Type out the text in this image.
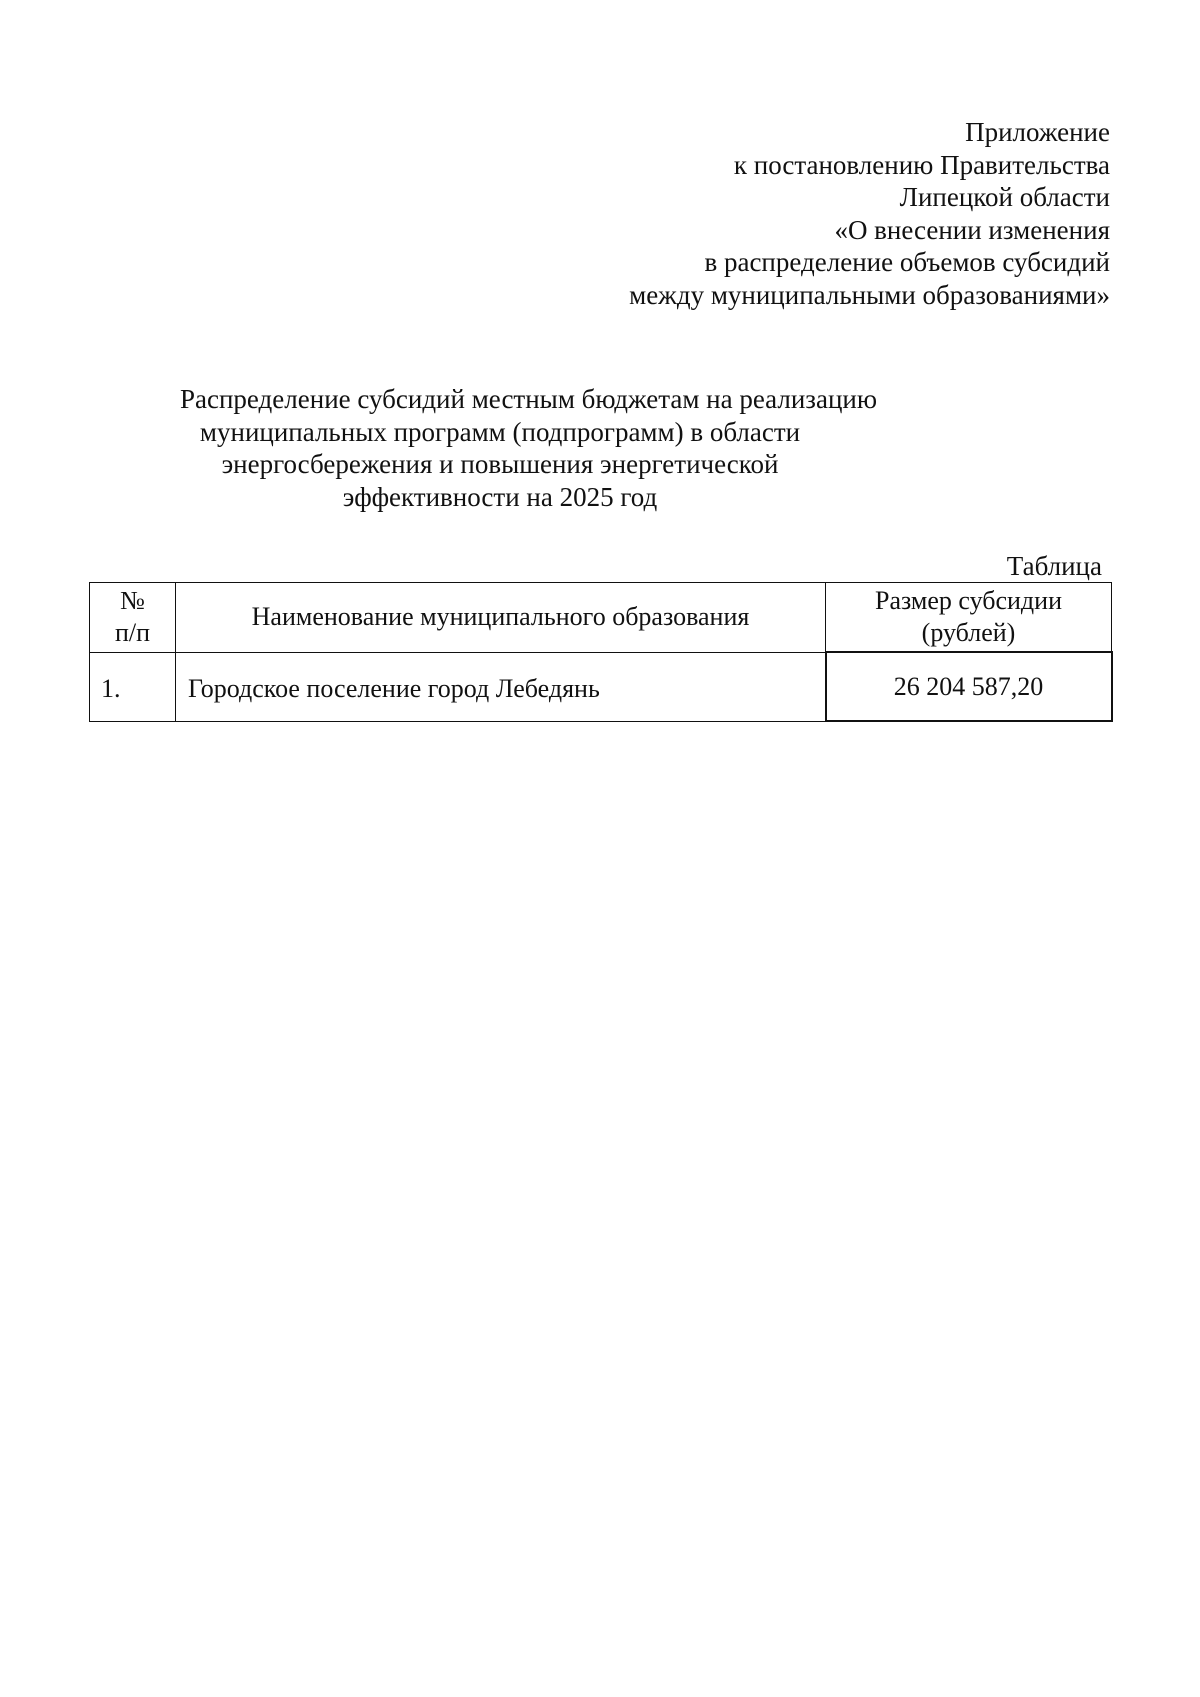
Приложение
к постановлению Правительства
Липецкой области
«О внесении изменения
в распределение объемов субсидий
между муниципальными образованиями»
Распределение субсидий местным бюджетам на реализацию
муниципальных программ (подпрограмм) в области
энергосбережения и повышения энергетической
эффективности на 2025 год
Таблица
№
п/п	Наименование муниципального образования	Размер субсидии
(рублей)

1.	Городское поселение город Лебедянь	26 204 587,20
